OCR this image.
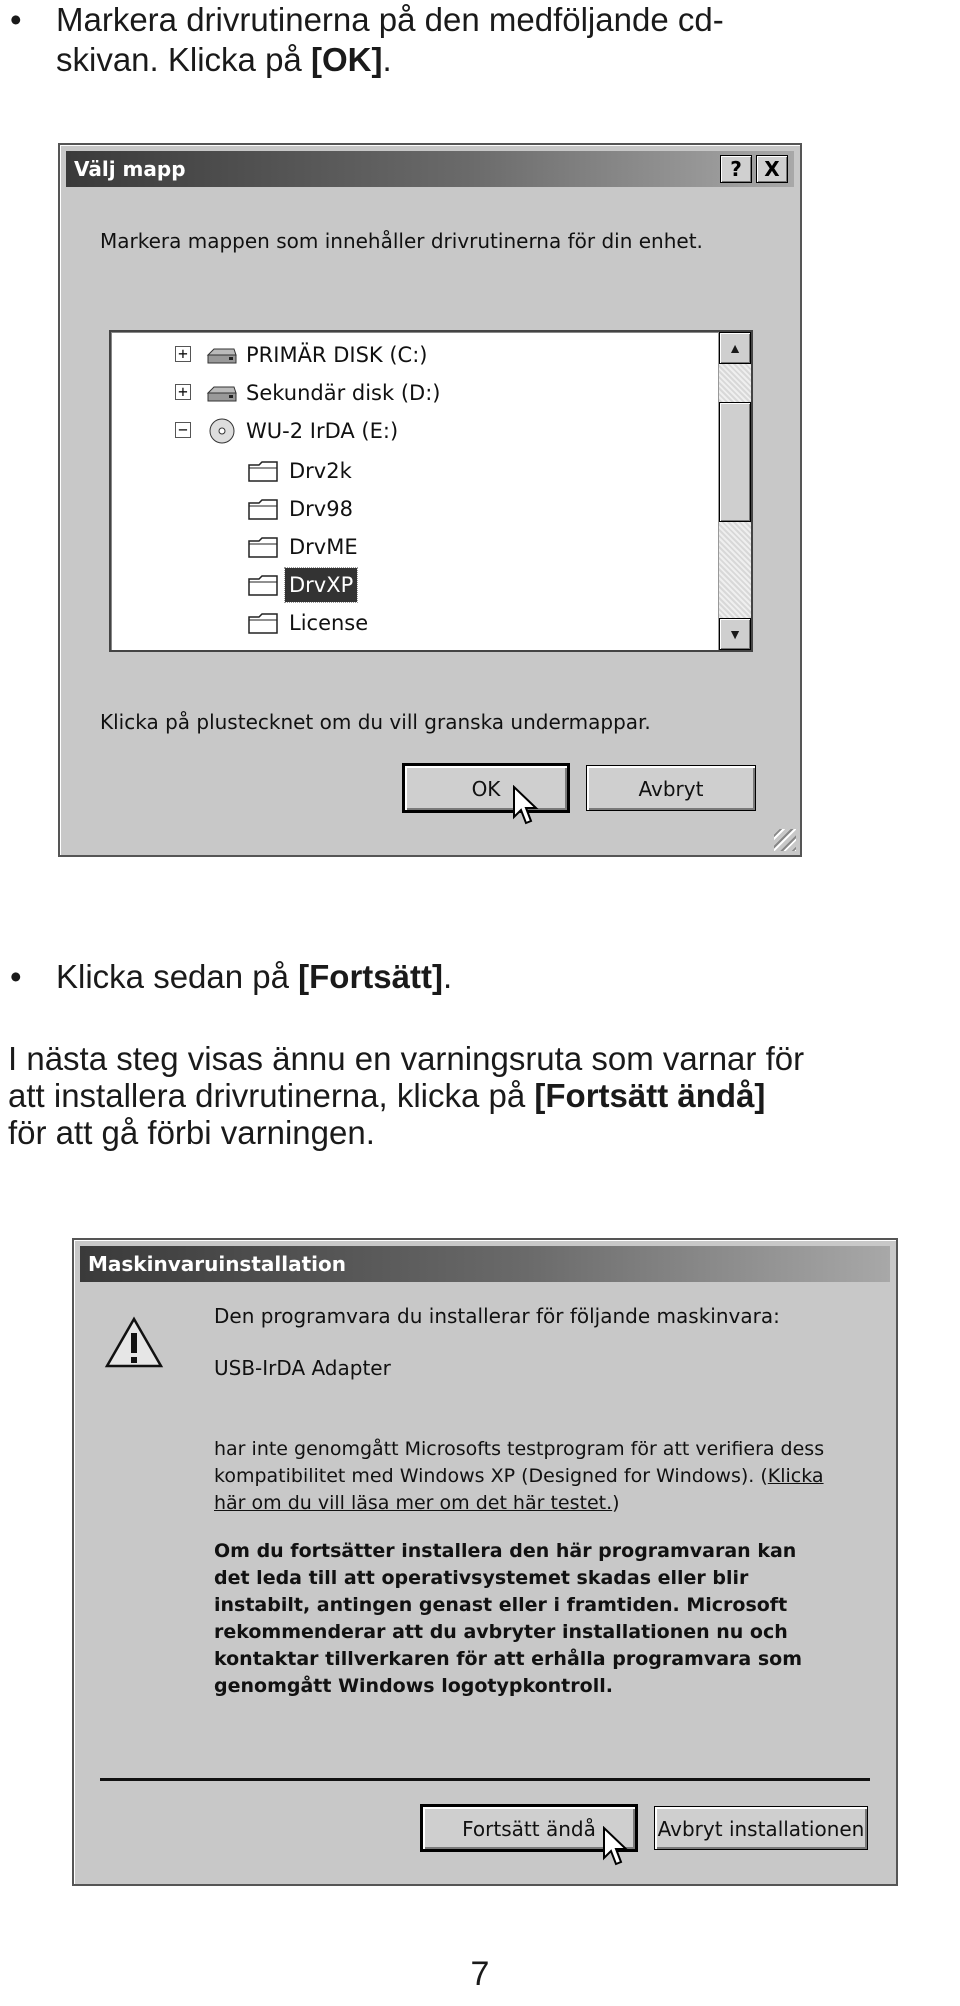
• Markera drivrutinerna på den medföljande cd-
skivan. Klicka på [OK].
Välj mapp	?	X
Markera mappen som innehåller drivrutinerna för din enhet.
+	PRIMÄR DISK (C:)
+	Sekundär disk (D:)
−	WU-2 IrDA (E:)
Drv2k
Drv98
DrvME
DrvXP
License
▲
▼
Klicka på plustecknet om du vill granska undermappar.
OK	Avbryt
• Klicka sedan på [Fortsätt].
I nästa steg visas ännu en varningsruta som varnar för
att installera drivrutinerna, klicka på [Fortsätt ändå]
för att gå förbi varningen.
Maskinvaruinstallation
Den programvara du installerar för följande maskinvara:
USB-IrDA Adapter
har inte genomgått Microsofts testprogram för att verifiera dess
kompatibilitet med Windows XP (Designed for Windows). (Klicka
här om du vill läsa mer om det här testet.)
Om du fortsätter installera den här programvaran kan
det leda till att operativsystemet skadas eller blir
instabilt, antingen genast eller i framtiden. Microsoft
rekommenderar att du avbryter installationen nu och
kontaktar tillverkaren för att erhålla programvara som
genomgått Windows logotypkontroll.
Fortsätt ändå	Avbryt installationen
7
